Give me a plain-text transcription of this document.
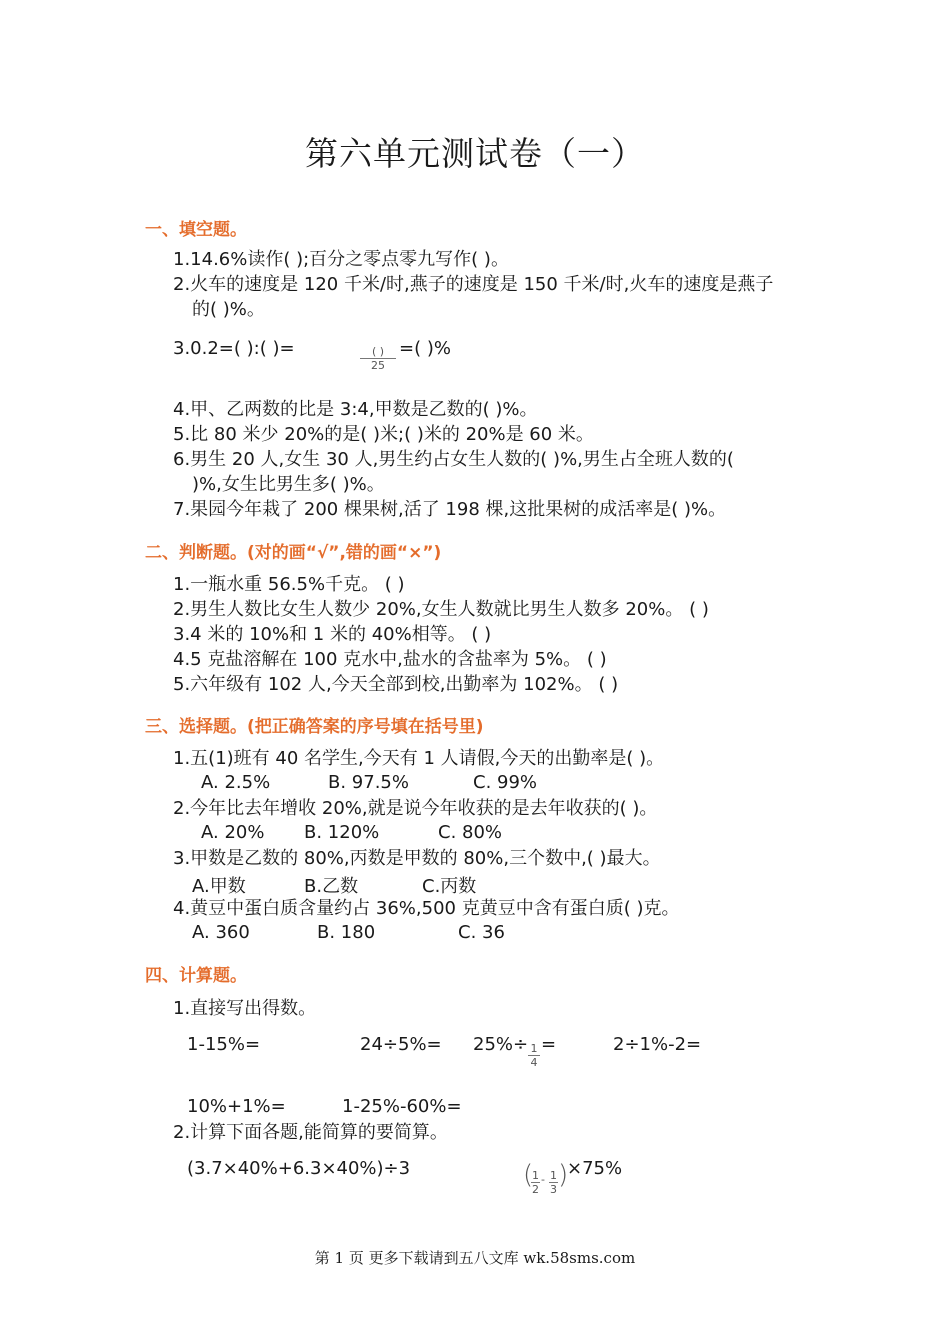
第六单元测试卷（一）
一、填空题。
1.14.6%读作( );百分之零点零九写作( )。
2.火车的速度是 120 千米/时,燕子的速度是 150 千米/时,火车的速度是燕子
的( )%。
3.0.2=( ):( )=	( )
25
=( )%
4.甲、乙两数的比是 3:4,甲数是乙数的( )%。
5.比 80 米少 20%的是( )米;( )米的 20%是 60 米。
6.男生 20 人,女生 30 人,男生约占女生人数的( )%,男生占全班人数的(
)%,女生比男生多( )%。
7.果园今年栽了 200 棵果树,活了 198 棵,这批果树的成活率是( )%。
二、判断题。(对的画“√”,错的画“×”)
1.一瓶水重 56.5%千克。 ( )
2.男生人数比女生人数少 20%,女生人数就比男生人数多 20%。 ( )
3.4 米的 10%和 1 米的 40%相等。 ( )
4.5 克盐溶解在 100 克水中,盐水的含盐率为 5%。 ( )
5.六年级有 102 人,今天全部到校,出勤率为 102%。 ( )
三、选择题。(把正确答案的序号填在括号里)
1.五(1)班有 40 名学生,今天有 1 人请假,今天的出勤率是( )。
A. 2.5%	B. 97.5%	C. 99%
2.今年比去年增收 20%,就是说今年收获的是去年收获的( )。
A. 20% B. 120%	C. 80%
3.甲数是乙数的 80%,丙数是甲数的 80%,三个数中,( )最大。
A.甲数	B.乙数	C.丙数
4.黄豆中蛋白质含量约占 36%,500 克黄豆中含有蛋白质( )克。
A. 360	B. 180	C. 36
四、计算题。
1.直接写出得数。
1-15%=	$24\div 5\%= 25\%\div \frac{1}{4}$ =	2÷1%-2=
10%+1%=	1-25%-60%=
2.计算下面各题,能简算的要简算。
(3.7×40%+6.3×40%)÷3	(
$\frac{1}{2} - \frac{1}{3}$ )
×75%
第 1 页 更多下载请到五八文库 wk.58sms.com
